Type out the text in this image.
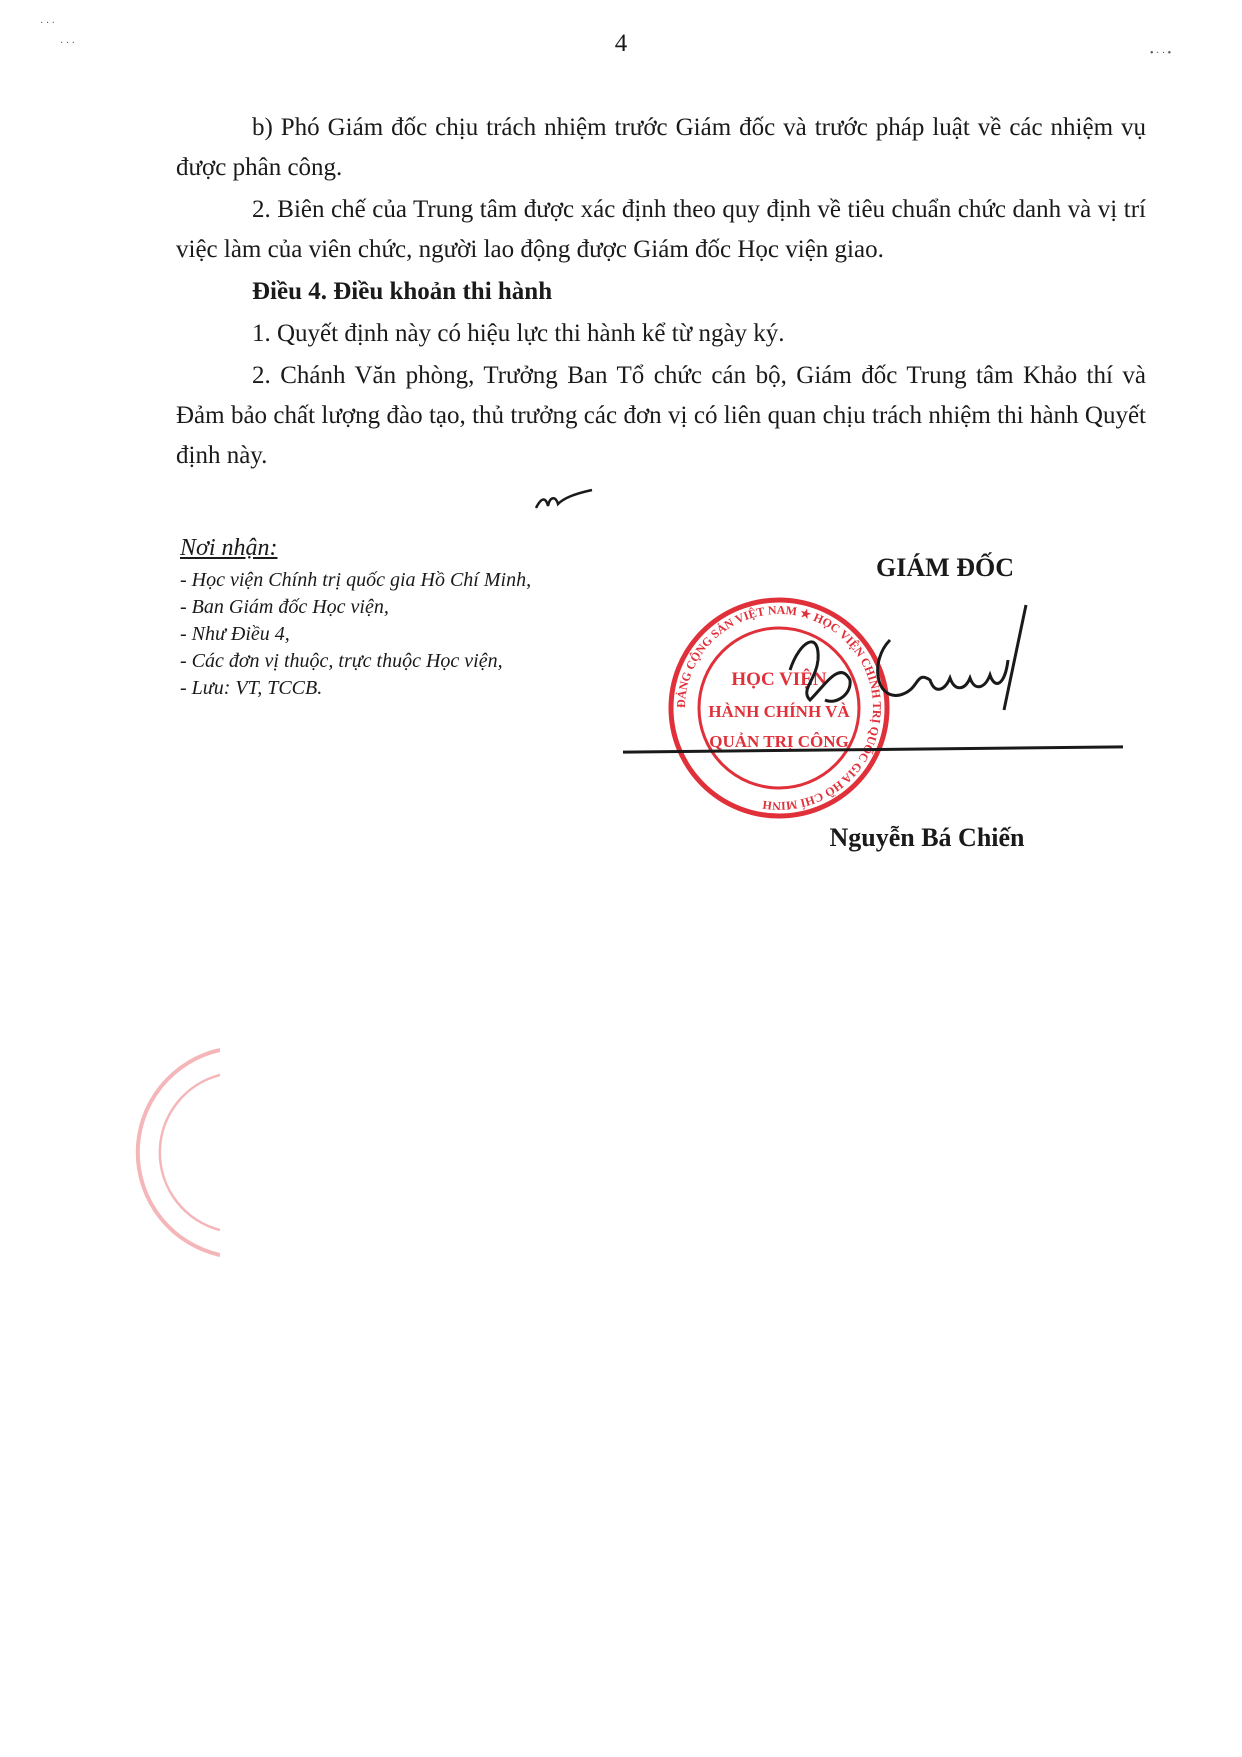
· · ·
· · ·
• · · •
4

b) Phó Giám đốc chịu trách nhiệm trước Giám đốc và trước pháp luật về các nhiệm vụ được phân công.

2. Biên chế của Trung tâm được xác định theo quy định về tiêu chuẩn chức danh và vị trí việc làm của viên chức, người lao động được Giám đốc Học viện giao.

Điều 4. Điều khoản thi hành

1. Quyết định này có hiệu lực thi hành kể từ ngày ký.

2. Chánh Văn phòng, Trưởng Ban Tổ chức cán bộ, Giám đốc Trung tâm Khảo thí và Đảm bảo chất lượng đào tạo, thủ trưởng các đơn vị có liên quan chịu trách nhiệm thi hành Quyết định này.

Nơi nhận:
- Học viện Chính trị quốc gia Hồ Chí Minh,
- Ban Giám đốc Học viện,
- Như Điều 4,
- Các đơn vị thuộc, trực thuộc Học viện,
- Lưu: VT, TCCB.
GIÁM ĐỐC
ĐẢNG CỘNG SẢN VIỆT NAM ★ HỌC VIỆN CHÍNH TRỊ QUỐC GIA HỒ CHÍ MINH
HỌC VIỆN
HÀNH CHÍNH VÀ
QUẢN TRỊ CÔNG
Nguyễn Bá Chiến
